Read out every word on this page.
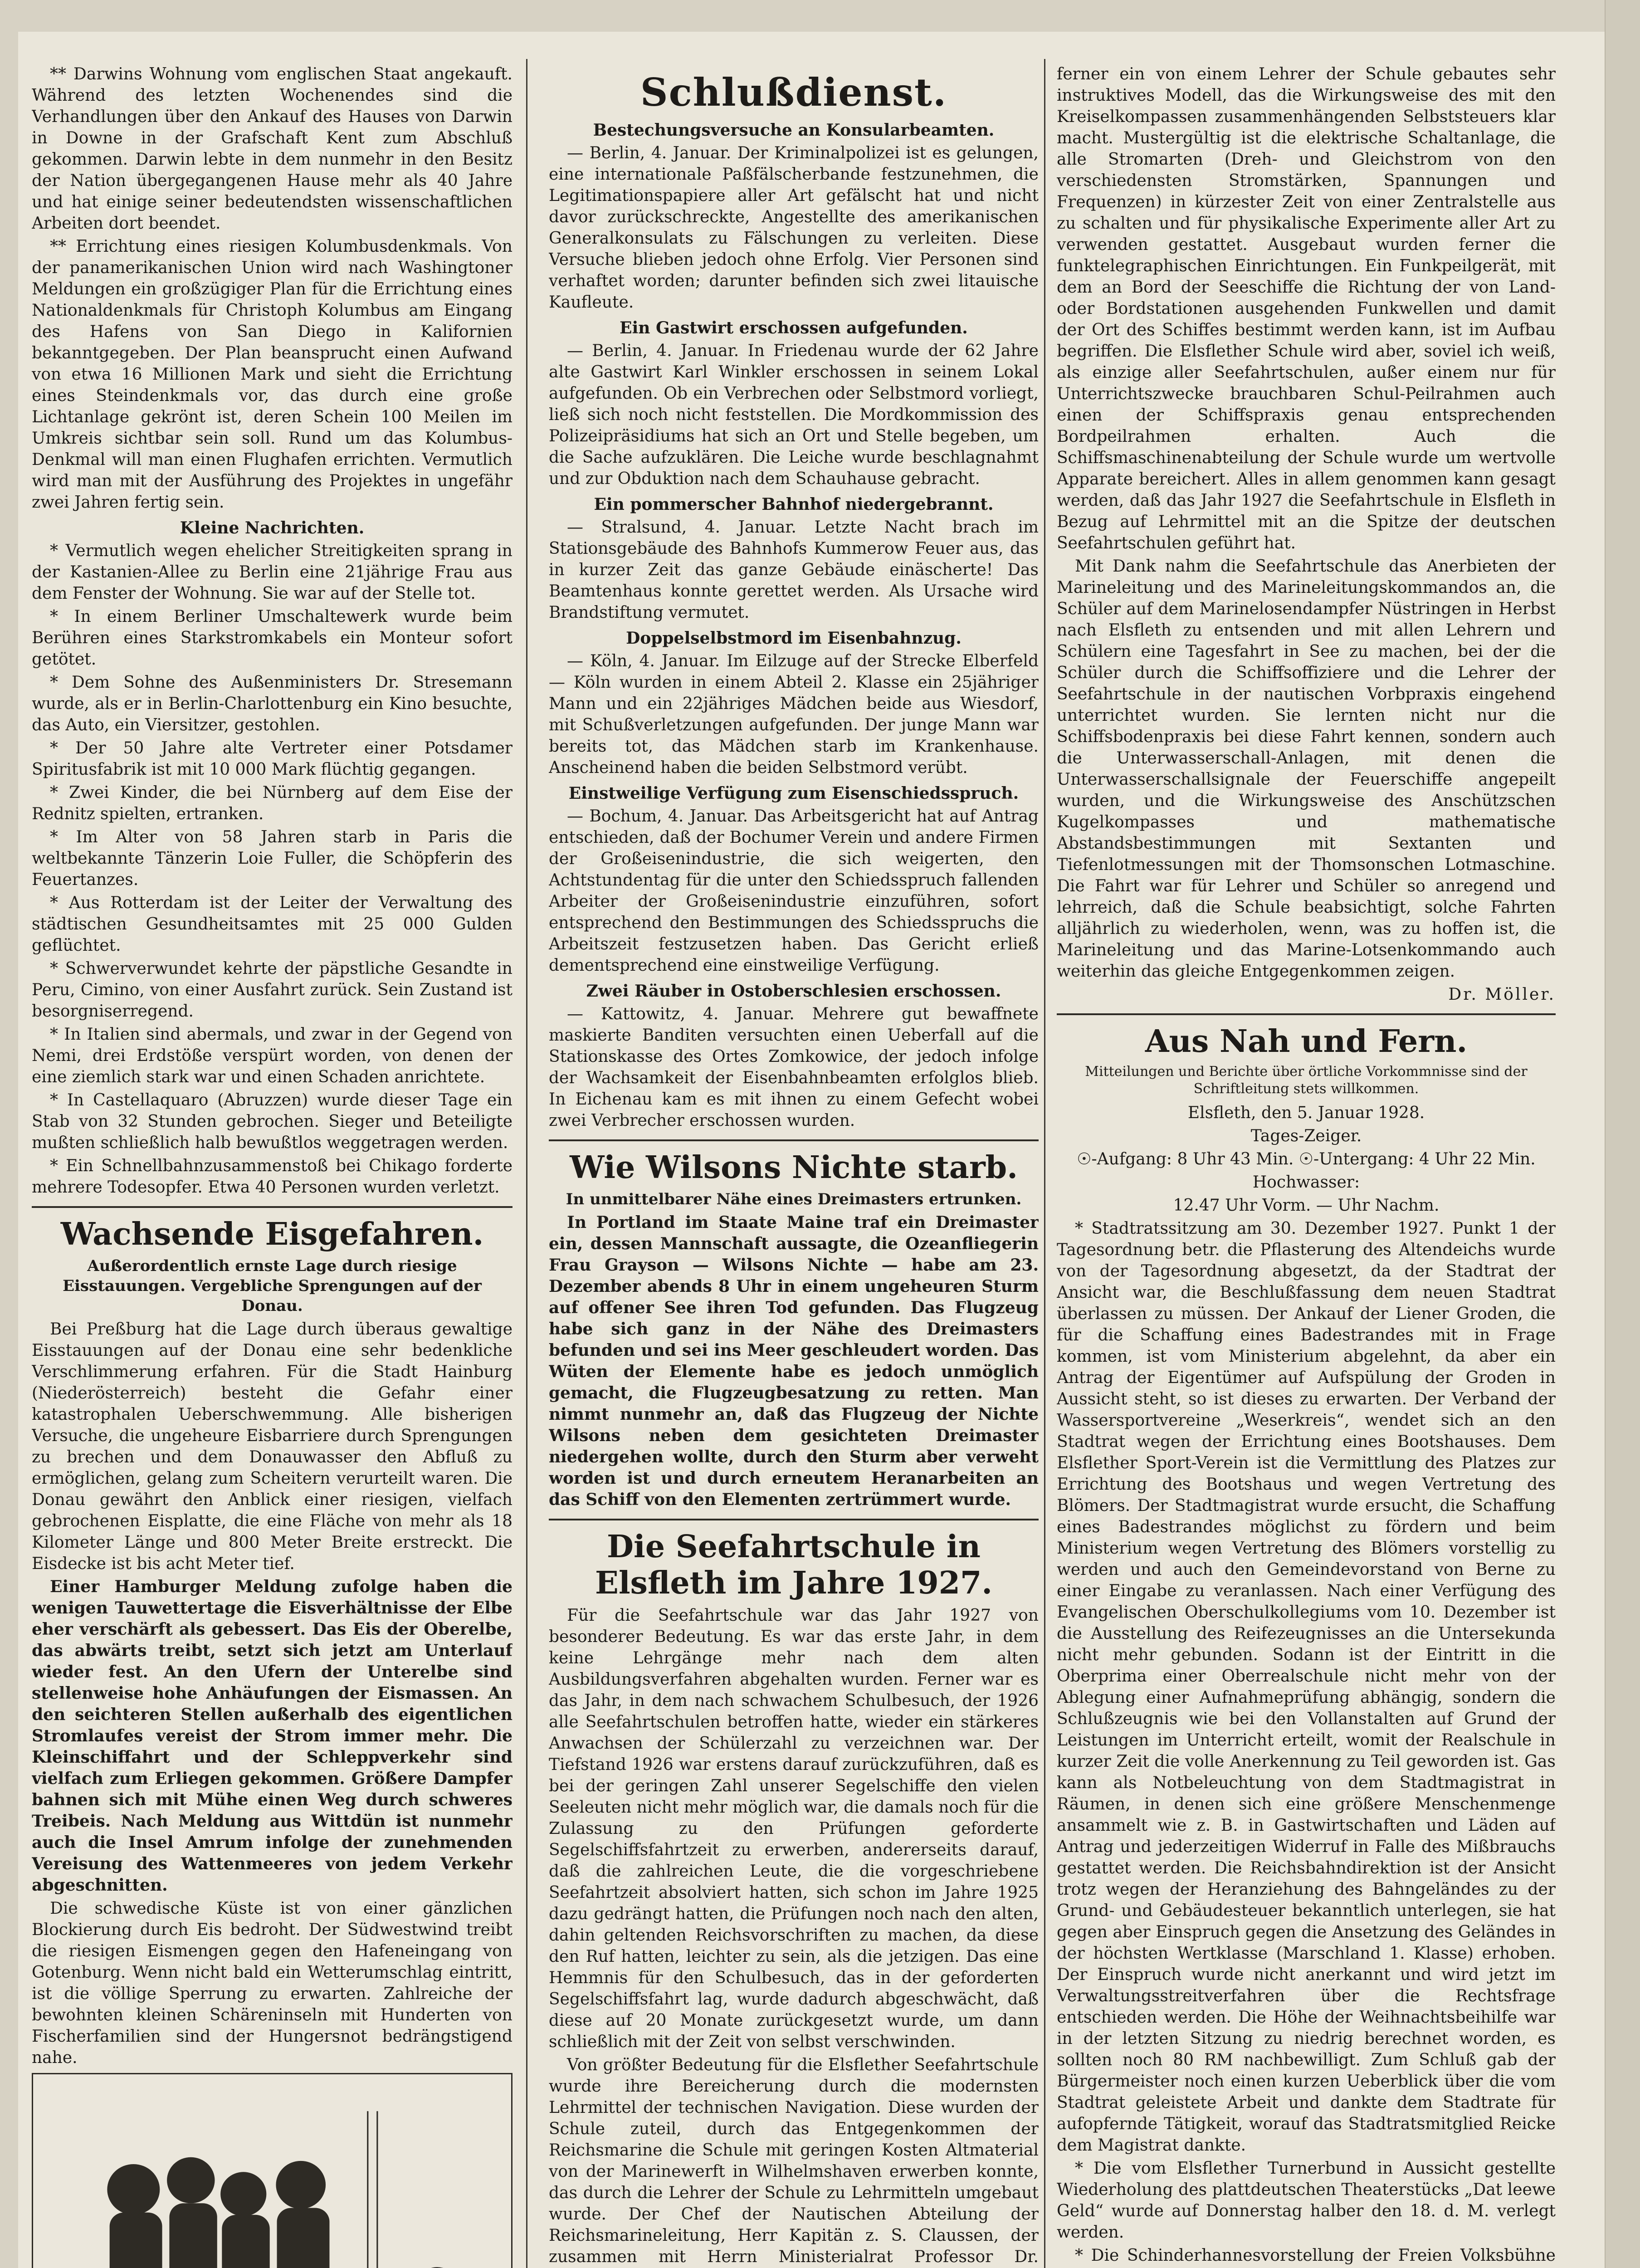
** Darwins Wohnung vom englischen Staat angekauft. Während des letzten Wochenendes sind die Verhandlungen über den Ankauf des Hauses von Darwin in Downe in der Grafschaft Kent zum Abschluß gekommen. Darwin lebte in dem nunmehr in den Besitz der Nation übergegangenen Hause mehr als 40 Jahre und hat einige seiner bedeutendsten wissenschaftlichen Arbeiten dort beendet.

** Errichtung eines riesigen Kolumbusdenkmals. Von der panamerikanischen Union wird nach Washingtoner Meldungen ein großzügiger Plan für die Errichtung eines Nationaldenkmals für Christoph Kolumbus am Eingang des Hafens von San Diego in Kalifornien bekanntgegeben. Der Plan beansprucht einen Aufwand von etwa 16 Millionen Mark und sieht die Errichtung eines Steindenkmals vor, das durch eine große Lichtanlage gekrönt ist, deren Schein 100 Meilen im Umkreis sichtbar sein soll. Rund um das Kolumbus-Denkmal will man einen Flughafen errichten. Vermutlich wird man mit der Ausführung des Projektes in ungefähr zwei Jahren fertig sein.

Kleine Nachrichten.

* Vermutlich wegen ehelicher Streitigkeiten sprang in der Kastanien-Allee zu Berlin eine 21jährige Frau aus dem Fenster der Wohnung. Sie war auf der Stelle tot.

* In einem Berliner Umschaltewerk wurde beim Berühren eines Starkstromkabels ein Monteur sofort getötet.

* Dem Sohne des Außenministers Dr. Stresemann wurde, als er in Berlin-Charlottenburg ein Kino besuchte, das Auto, ein Viersitzer, gestohlen.

* Der 50 Jahre alte Vertreter einer Potsdamer Spiritusfabrik ist mit 10 000 Mark flüchtig gegangen.

* Zwei Kinder, die bei Nürnberg auf dem Eise der Rednitz spielten, ertranken.

* Im Alter von 58 Jahren starb in Paris die weltbekannte Tänzerin Loie Fuller, die Schöpferin des Feuertanzes.

* Aus Rotterdam ist der Leiter der Verwaltung des städtischen Gesundheitsamtes mit 25 000 Gulden geflüchtet.

* Schwerverwundet kehrte der päpstliche Gesandte in Peru, Cimino, von einer Ausfahrt zurück. Sein Zustand ist besorgniserregend.

* In Italien sind abermals, und zwar in der Gegend von Nemi, drei Erdstöße verspürt worden, von denen der eine ziemlich stark war und einen Schaden anrichtete.

* In Castellaquaro (Abruzzen) wurde dieser Tage ein Stab von 32 Stunden gebrochen. Sieger und Beteiligte mußten schließlich halb bewußtlos weggetragen werden.

* Ein Schnellbahnzusammenstoß bei Chikago forderte mehrere Todesopfer. Etwa 40 Personen wurden verletzt.

Wachsende Eisgefahren.
Außerordentlich ernste Lage durch riesige Eisstauungen. Vergebliche Sprengungen auf der Donau.

Bei Preßburg hat die Lage durch überaus gewaltige Eisstauungen auf der Donau eine sehr bedenkliche Verschlimmerung erfahren. Für die Stadt Hainburg (Niederösterreich) besteht die Gefahr einer katastrophalen Ueberschwemmung. Alle bisherigen Versuche, die ungeheure Eisbarriere durch Sprengungen zu brechen und dem Donauwasser den Abfluß zu ermöglichen, gelang zum Scheitern verurteilt waren. Die Donau gewährt den Anblick einer riesigen, vielfach gebrochenen Eisplatte, die eine Fläche von mehr als 18 Kilometer Länge und 800 Meter Breite erstreckt. Die Eisdecke ist bis acht Meter tief.

Einer Hamburger Meldung zufolge haben die wenigen Tauwettertage die Eisverhältnisse der Elbe eher verschärft als gebessert. Das Eis der Oberelbe, das abwärts treibt, setzt sich jetzt am Unterlauf wieder fest. An den Ufern der Unterelbe sind stellenweise hohe Anhäufungen der Eismassen. An den seichteren Stellen außerhalb des eigentlichen Stromlaufes vereist der Strom immer mehr. Die Kleinschiffahrt und der Schleppverkehr sind vielfach zum Erliegen gekommen. Größere Dampfer bahnen sich mit Mühe einen Weg durch schweres Treibeis. Nach Meldung aus Wittdün ist nunmehr auch die Insel Amrum infolge der zunehmenden Vereisung des Wattenmeeres von jedem Verkehr abgeschnitten.

Die schwedische Küste ist von einer gänzlichen Blockierung durch Eis bedroht. Der Südwestwind treibt die riesigen Eismengen gegen den Hafeneingang von Gotenburg. Wenn nicht bald ein Wetterumschlag eintritt, ist die völlige Sperrung zu erwarten. Zahlreiche der bewohnten kleinen Schäreninseln mit Hunderten von Fischerfamilien sind der Hungersnot bedrängstigend nahe.

Schlußdienst.
Bestechungsversuche an Konsularbeamten.

— Berlin, 4. Januar. Der Kriminalpolizei ist es gelungen, eine internationale Paßfälscherbande festzunehmen, die Legitimationspapiere aller Art gefälscht hat und nicht davor zurückschreckte, Angestellte des amerikanischen Generalkonsulats zu Fälschungen zu verleiten. Diese Versuche blieben jedoch ohne Erfolg. Vier Personen sind verhaftet worden; darunter befinden sich zwei litauische Kaufleute.

Ein Gastwirt erschossen aufgefunden.

— Berlin, 4. Januar. In Friedenau wurde der 62 Jahre alte Gastwirt Karl Winkler erschossen in seinem Lokal aufgefunden. Ob ein Verbrechen oder Selbstmord vorliegt, ließ sich noch nicht feststellen. Die Mordkommission des Polizeipräsidiums hat sich an Ort und Stelle begeben, um die Sache aufzuklären. Die Leiche wurde beschlagnahmt und zur Obduktion nach dem Schauhause gebracht.

Ein pommerscher Bahnhof niedergebrannt.

— Stralsund, 4. Januar. Letzte Nacht brach im Stationsgebäude des Bahnhofs Kummerow Feuer aus, das in kurzer Zeit das ganze Gebäude einäscherte! Das Beamtenhaus konnte gerettet werden. Als Ursache wird Brandstiftung vermutet.

Doppelselbstmord im Eisenbahnzug.

— Köln, 4. Januar. Im Eilzuge auf der Strecke Elberfeld — Köln wurden in einem Abteil 2. Klasse ein 25jähriger Mann und ein 22jähriges Mädchen beide aus Wiesdorf, mit Schußverletzungen aufgefunden. Der junge Mann war bereits tot, das Mädchen starb im Krankenhause. Anscheinend haben die beiden Selbstmord verübt.

Einstweilige Verfügung zum Eisenschiedsspruch.

— Bochum, 4. Januar. Das Arbeitsgericht hat auf Antrag entschieden, daß der Bochumer Verein und andere Firmen der Großeisenindustrie, die sich weigerten, den Achtstundentag für die unter den Schiedsspruch fallenden Arbeiter der Großeisenindustrie einzuführen, sofort entsprechend den Bestimmungen des Schiedsspruchs die Arbeitszeit festzusetzen haben. Das Gericht erließ dementsprechend eine einstweilige Verfügung.

Zwei Räuber in Ostoberschlesien erschossen.

— Kattowitz, 4. Januar. Mehrere gut bewaffnete maskierte Banditen versuchten einen Ueberfall auf die Stationskasse des Ortes Zomkowice, der jedoch infolge der Wachsamkeit der Eisenbahnbeamten erfolglos blieb. In Eichenau kam es mit ihnen zu einem Gefecht wobei zwei Verbrecher erschossen wurden.

Wie Wilsons Nichte starb.
In unmittelbarer Nähe eines Dreimasters ertrunken.

In Portland im Staate Maine traf ein Dreimaster ein, dessen Mannschaft aussagte, die Ozeanfliegerin Frau Grayson — Wilsons Nichte — habe am 23. Dezember abends 8 Uhr in einem ungeheuren Sturm auf offener See ihren Tod gefunden. Das Flugzeug habe sich ganz in der Nähe des Dreimasters befunden und sei ins Meer geschleudert worden. Das Wüten der Elemente habe es jedoch unmöglich gemacht, die Flugzeugbesatzung zu retten. Man nimmt nunmehr an, daß das Flugzeug der Nichte Wilsons neben dem gesichteten Dreimaster niedergehen wollte, durch den Sturm aber verweht worden ist und durch erneutem Heranarbeiten an das Schiff von den Elementen zertrümmert wurde.

Die Seefahrtschule in Elsfleth im Jahre 1927.

Für die Seefahrtschule war das Jahr 1927 von besonderer Bedeutung. Es war das erste Jahr, in dem keine Lehrgänge mehr nach dem alten Ausbildungsverfahren abgehalten wurden. Ferner war es das Jahr, in dem nach schwachem Schulbesuch, der 1926 alle Seefahrtschulen betroffen hatte, wieder ein stärkeres Anwachsen der Schülerzahl zu verzeichnen war. Der Tiefstand 1926 war erstens darauf zurückzuführen, daß es bei der geringen Zahl unserer Segelschiffe den vielen Seeleuten nicht mehr möglich war, die damals noch für die Zulassung zu den Prüfungen geforderte Segelschiffsfahrtzeit zu erwerben, andererseits darauf, daß die zahlreichen Leute, die die vorgeschriebene Seefahrtzeit absolviert hatten, sich schon im Jahre 1925 dazu gedrängt hatten, die Prüfungen noch nach den alten, dahin geltenden Reichsvorschriften zu machen, da diese den Ruf hatten, leichter zu sein, als die jetzigen. Das eine Hemmnis für den Schulbesuch, das in der geforderten Segelschiffsfahrt lag, wurde dadurch abgeschwächt, daß diese auf 20 Monate zurückgesetzt wurde, um dann schließlich mit der Zeit von selbst verschwinden.

Von größter Bedeutung für die Elsflether Seefahrtschule wurde ihre Bereicherung durch die modernsten Lehrmittel der technischen Navigation. Diese wurden der Schule zuteil, durch das Entgegenkommen der Reichsmarine die Schule mit geringen Kosten Altmaterial von der Marinewerft in Wilhelmshaven erwerben konnte, das durch die Lehrer der Schule zu Lehrmitteln umgebaut wurde. Der Chef der Nautischen Abteilung der Reichsmarineleitung, Herr Kapitän z. S. Claussen, der zusammen mit Herrn Ministerialrat Professor Dr.

ferner ein von einem Lehrer der Schule gebautes sehr instruktives Modell, das die Wirkungsweise des mit den Kreiselkompassen zusammenhängenden Selbststeuers klar macht. Mustergültig ist die elektrische Schaltanlage, die alle Stromarten (Dreh- und Gleichstrom von den verschiedensten Stromstärken, Spannungen und Frequenzen) in kürzester Zeit von einer Zentralstelle aus zu schalten und für physikalische Experimente aller Art zu verwenden gestattet. Ausgebaut wurden ferner die funktelegraphischen Einrichtungen. Ein Funkpeilgerät, mit dem an Bord der Seeschiffe die Richtung der von Land- oder Bordstationen ausgehenden Funkwellen und damit der Ort des Schiffes bestimmt werden kann, ist im Aufbau begriffen. Die Elsflether Schule wird aber, soviel ich weiß, als einzige aller Seefahrtschulen, außer einem nur für Unterrichtszwecke brauchbaren Schul-Peilrahmen auch einen der Schiffspraxis genau entsprechenden Bordpeilrahmen erhalten. Auch die Schiffsmaschinenabteilung der Schule wurde um wertvolle Apparate bereichert. Alles in allem genommen kann gesagt werden, daß das Jahr 1927 die Seefahrtschule in Elsfleth in Bezug auf Lehrmittel mit an die Spitze der deutschen Seefahrtschulen geführt hat.

Mit Dank nahm die Seefahrtschule das Anerbieten der Marineleitung und des Marineleitungskommandos an, die Schüler auf dem Marinelosendampfer Nüstringen in Herbst nach Elsfleth zu entsenden und mit allen Lehrern und Schülern eine Tagesfahrt in See zu machen, bei der die Schüler durch die Schiffsoffiziere und die Lehrer der Seefahrtschule in der nautischen Vorbpraxis eingehend unterrichtet wurden. Sie lernten nicht nur die Schiffsbodenpraxis bei diese Fahrt kennen, sondern auch die Unterwasserschall-Anlagen, mit denen die Unterwasserschallsignale der Feuerschiffe angepeilt wurden, und die Wirkungsweise des Anschützschen Kugelkompasses und mathematische Abstandsbestimmungen mit Sextanten und Tiefenlotmessungen mit der Thomsonschen Lotmaschine. Die Fahrt war für Lehrer und Schüler so anregend und lehrreich, daß die Schule beabsichtigt, solche Fahrten alljährlich zu wiederholen, wenn, was zu hoffen ist, die Marineleitung und das Marine-Lotsenkommando auch weiterhin das gleiche Entgegenkommen zeigen.

Dr. Möller.

Aus Nah und Fern.
Mitteilungen und Berichte über örtliche Vorkommnisse sind der Schriftleitung stets willkommen.

Elsfleth, den 5. Januar 1928.

Tages-Zeiger.

☉-Aufgang: 8 Uhr 43 Min. ☉-Untergang: 4 Uhr 22 Min.

Hochwasser:

12.47 Uhr Vorm. — Uhr Nachm.

* Stadtratssitzung am 30. Dezember 1927. Punkt 1 der Tagesordnung betr. die Pflasterung des Altendeichs wurde von der Tagesordnung abgesetzt, da der Stadtrat der Ansicht war, die Beschlußfassung dem neuen Stadtrat überlassen zu müssen. Der Ankauf der Liener Groden, die für die Schaffung eines Badestrandes mit in Frage kommen, ist vom Ministerium abgelehnt, da aber ein Antrag der Eigentümer auf Aufspülung der Groden in Aussicht steht, so ist dieses zu erwarten. Der Verband der Wassersportvereine „Weserkreis“, wendet sich an den Stadtrat wegen der Errichtung eines Bootshauses. Dem Elsflether Sport-Verein ist die Vermittlung des Platzes zur Errichtung des Bootshaus und wegen Vertretung des Blömers. Der Stadtmagistrat wurde ersucht, die Schaffung eines Badestrandes möglichst zu fördern und beim Ministerium wegen Vertretung des Blömers vorstellig zu werden und auch den Gemeindevorstand von Berne zu einer Eingabe zu veranlassen. Nach einer Verfügung des Evangelischen Oberschulkollegiums vom 10. Dezember ist die Ausstellung des Reifezeugnisses an die Untersekunda nicht mehr gebunden. Sodann ist der Eintritt in die Oberprima einer Oberrealschule nicht mehr von der Ablegung einer Aufnahmeprüfung abhängig, sondern die Schlußzeugnis wie bei den Vollanstalten auf Grund der Leistungen im Unterricht erteilt, womit der Realschule in kurzer Zeit die volle Anerkennung zu Teil geworden ist. Gas kann als Notbeleuchtung von dem Stadtmagistrat in Räumen, in denen sich eine größere Menschenmenge ansammelt wie z. B. in Gastwirtschaften und Läden auf Antrag und jederzeitigen Widerruf in Falle des Mißbrauchs gestattet werden. Die Reichsbahndirektion ist der Ansicht trotz wegen der Heranziehung des Bahngeländes zu der Grund- und Gebäudesteuer bekanntlich unterlegen, sie hat gegen aber Einspruch gegen die Ansetzung des Geländes in der höchsten Wertklasse (Marschland 1. Klasse) erhoben. Der Einspruch wurde nicht anerkannt und wird jetzt im Verwaltungsstreitverfahren über die Rechtsfrage entschieden werden. Die Höhe der Weihnachtsbeihilfe war in der letzten Sitzung zu niedrig berechnet worden, es sollten noch 80 RM nachbewilligt. Zum Schluß gab der Bürgermeister noch einen kurzen Ueberblick über die vom Stadtrat geleistete Arbeit und dankte dem Stadtrate für aufopfernde Tätigkeit, worauf das Stadtratsmitglied Reicke dem Magistrat dankte.

* Die vom Elsflether Turnerbund in Aussicht gestellte Wiederholung des plattdeutschen Theaterstücks „Dat leewe Geld“ wurde auf Donnerstag halber den 18. d. M. verlegt werden.

* Die Schinderhannesvorstellung der Freien Volksbühne
